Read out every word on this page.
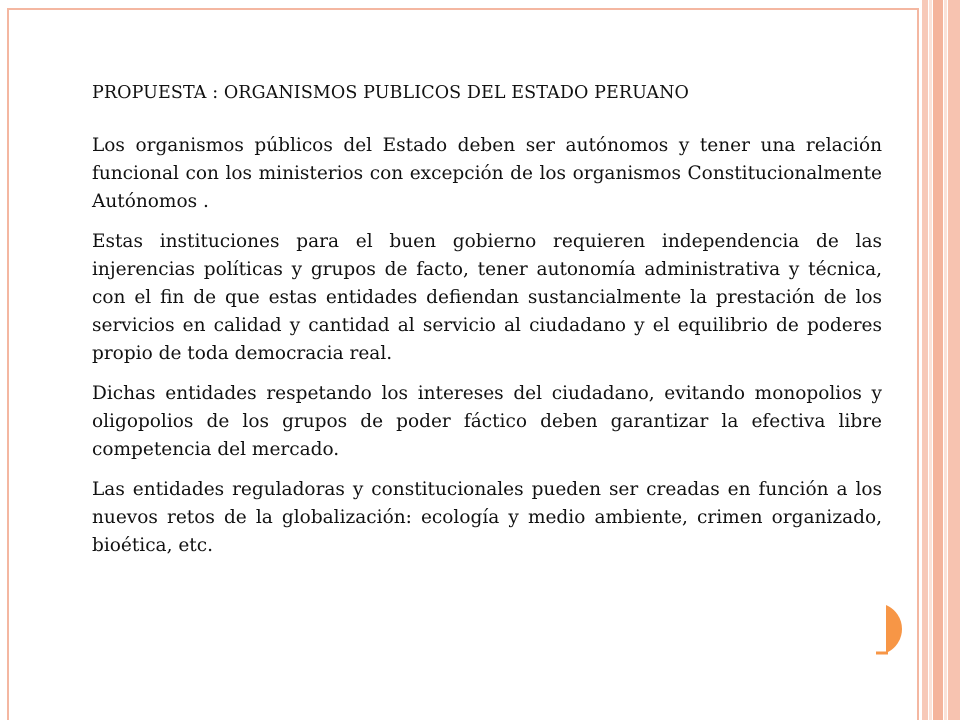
PROPUESTA : ORGANISMOS PUBLICOS DEL ESTADO PERUANO

Los organismos públicos del Estado deben ser autónomos y tener una relación funcional con los ministerios con excepción de los organismos Constitucionalmente Autónomos .

Estas instituciones para el buen gobierno requieren independencia de las injerencias políticas y grupos de facto, tener autonomía administrativa y técnica, con el fin de que estas entidades defiendan sustancialmente la prestación de los servicios en calidad y cantidad al servicio al ciudadano y el equilibrio de poderes propio de toda democracia real.

Dichas entidades respetando los intereses del ciudadano, evitando monopolios y oligopolios de los grupos de poder fáctico deben garantizar la efectiva libre competencia del mercado.

Las entidades reguladoras y constitucionales pueden ser creadas en función a los nuevos retos de la globalización: ecología y medio ambiente, crimen organizado, bioética, etc.
